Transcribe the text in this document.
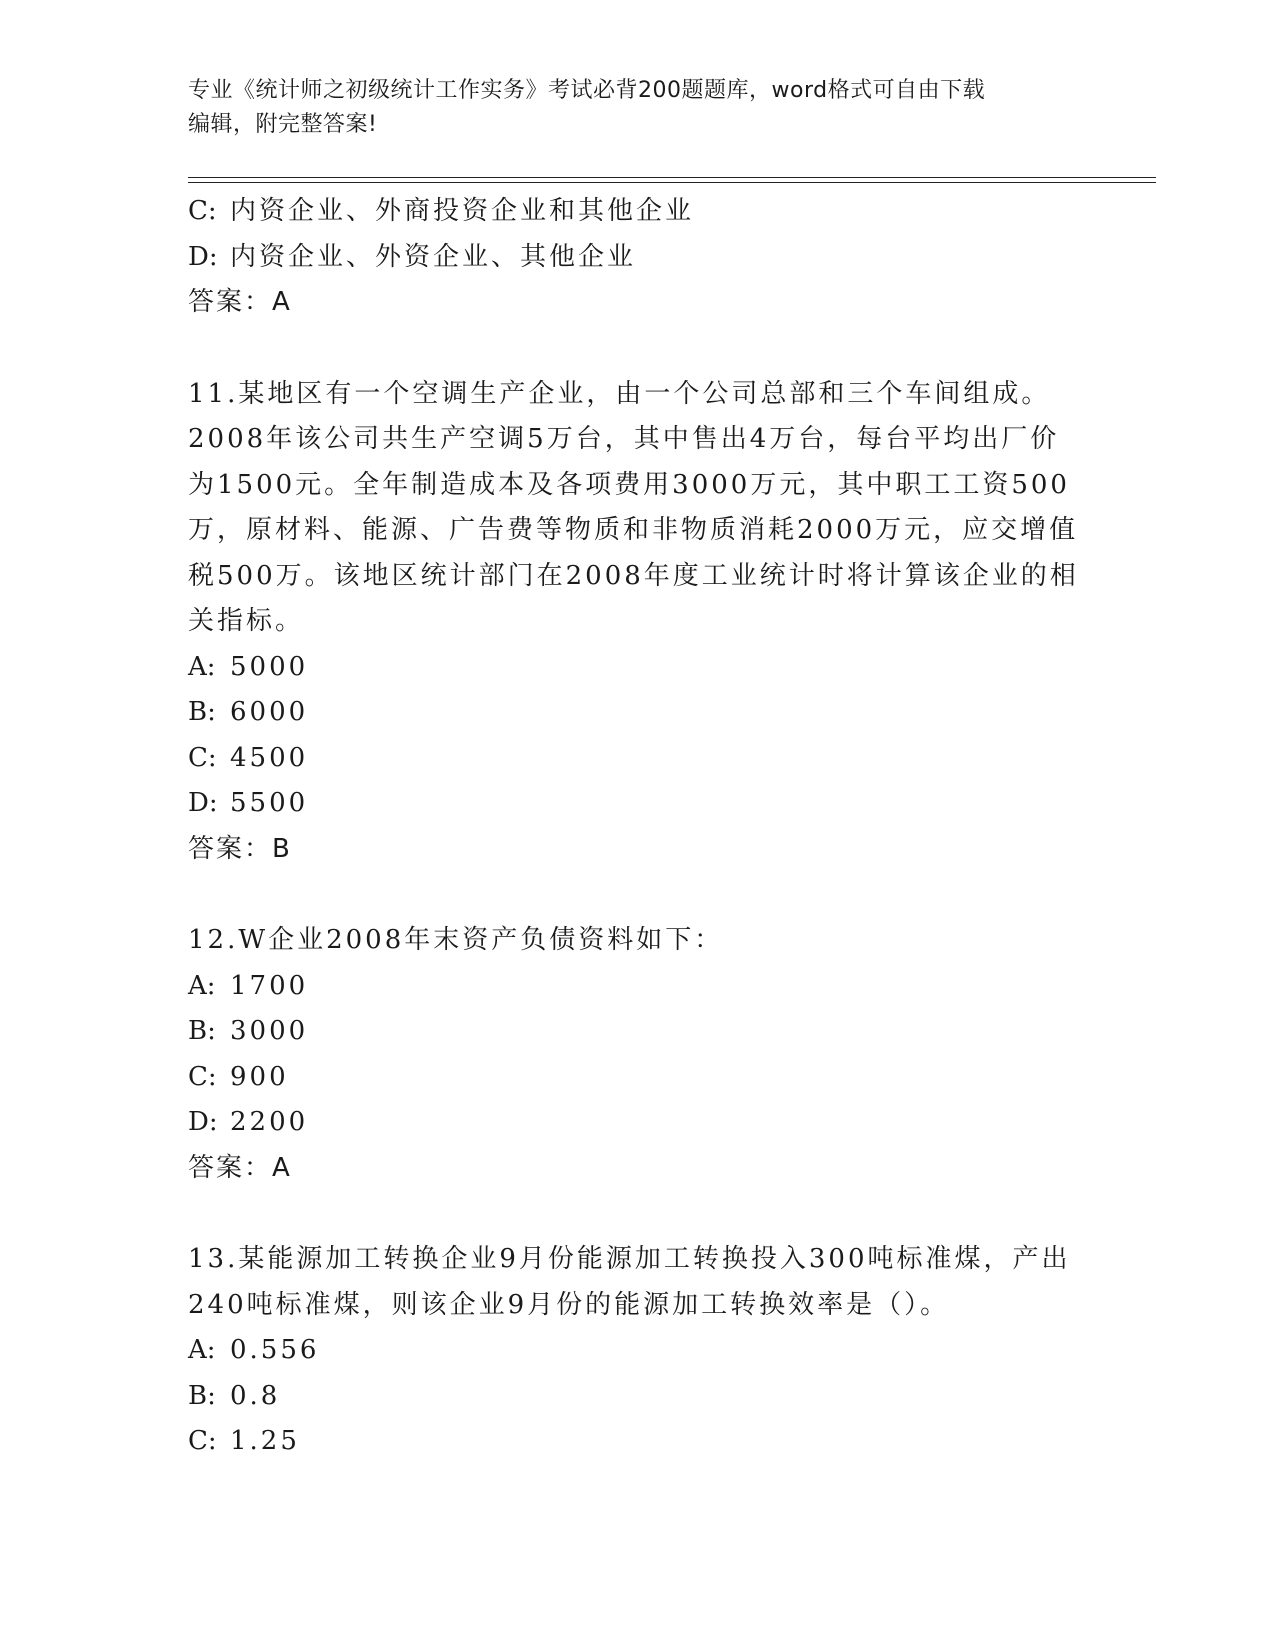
专业《统计师之初级统计工作实务》考试必背200题题库，word格式可自由下载
编辑，附完整答案!
C: 内资企业、外商投资企业和其他企业
D: 内资企业、外资企业、其他企业
答案：A
11.某地区有一个空调生产企业，由一个公司总部和三个车间组成。
2008年该公司共生产空调5万台，其中售出4万台，每台平均出厂价
为1500元。全年制造成本及各项费用3000万元，其中职工工资500
万，原材料、能源、广告费等物质和非物质消耗2000万元，应交增值
税500万。该地区统计部门在2008年度工业统计时将计算该企业的相
关指标。
A: 5000
B: 6000
C: 4500
D: 5500
答案：B
12.W企业2008年末资产负债资料如下：
A: 1700
B: 3000
C: 900
D: 2200
答案：A
13.某能源加工转换企业9月份能源加工转换投入300吨标准煤，产出
240吨标准煤，则该企业9月份的能源加工转换效率是（）。
A: 0.556
B: 0.8
C: 1.25
